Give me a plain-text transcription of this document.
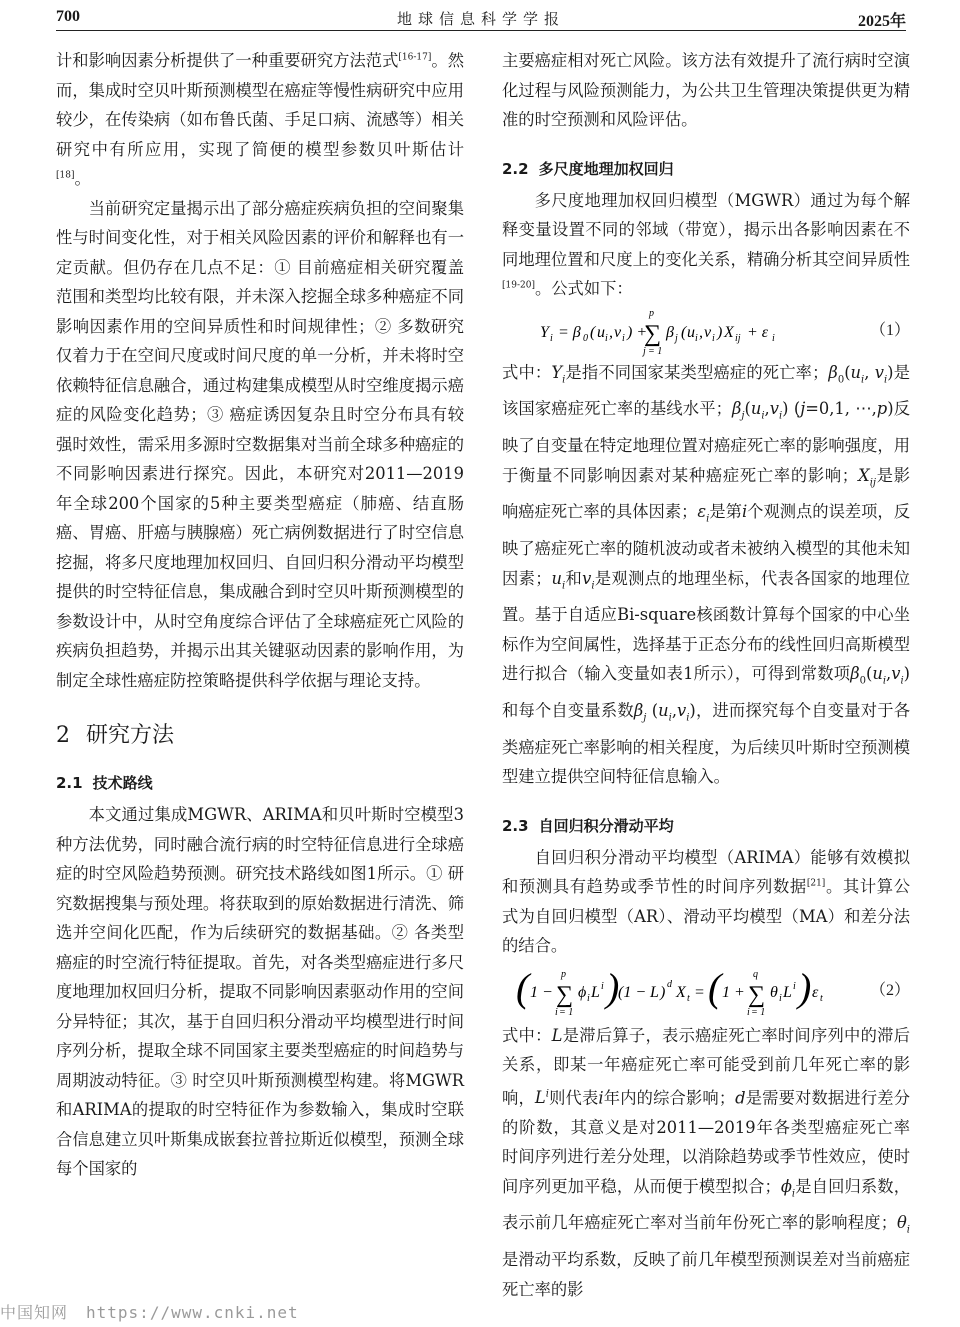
700	地球信息科学学报	2025年

计和影响因素分析提供了一种重要研究方法范式[16-17]。然而，集成时空贝叶斯预测模型在癌症等慢性病研究中应用较少，在传染病（如布鲁氏菌、手足口病、流感等）相关研究中有所应用，实现了简便的模型参数贝叶斯估计[18]。

当前研究定量揭示出了部分癌症疾病负担的空间聚集性与时间变化性，对于相关风险因素的评价和解释也有一定贡献。但仍存在几点不足：① 目前癌症相关研究覆盖范围和类型均比较有限，并未深入挖掘全球多种癌症不同影响因素作用的空间异质性和时间规律性；② 多数研究仅着力于在空间尺度或时间尺度的单一分析，并未将时空依赖特征信息融合，通过构建集成模型从时空维度揭示癌症的风险变化趋势；③ 癌症诱因复杂且时空分布具有较强时效性，需采用多源时空数据集对当前全球多种癌症的不同影响因素进行探究。因此，本研究对2011—2019年全球200个国家的5种主要类型癌症（肺癌、结直肠癌、胃癌、肝癌与胰腺癌）死亡病例数据进行了时空信息挖掘，将多尺度地理加权回归、自回归积分滑动平均模型提供的时空特征信息，集成融合到时空贝叶斯预测模型的参数设计中，从时空角度综合评估了全球癌症死亡风险的疾病负担趋势，并揭示出其关键驱动因素的影响作用，为制定全球性癌症防控策略提供科学依据与理论支持。

2 研究方法
2.1 技术路线

本文通过集成MGWR、ARIMA和贝叶斯时空模型3种方法优势，同时融合流行病的时空特征信息进行全球癌症的时空风险趋势预测。研究技术路线如图1所示。① 研究数据搜集与预处理。将获取到的原始数据进行清洗、筛选并空间化匹配，作为后续研究的数据基础。② 各类型癌症的时空流行特征提取。首先，对各类型癌症进行多尺度地理加权回归分析，提取不同影响因素驱动作用的空间分异特征；其次，基于自回归积分滑动平均模型进行时间序列分析，提取全球不同国家主要类型癌症的时间趋势与周期波动特征。③ 时空贝叶斯预测模型构建。将MGWR和ARIMA的提取的时空特征作为参数输入，集成时空联合信息建立贝叶斯集成嵌套拉普拉斯近似模型，预测全球每个国家的

主要癌症相对死亡风险。该方法有效提升了流行病时空演化过程与风险预测能力，为公共卫生管理决策提供更为精准的时空预测和风险评估。

2.2 多尺度地理加权回归

多尺度地理加权回归模型（MGWR）通过为每个解释变量设置不同的邻域（带宽），揭示出各影响因素在不同地理位置和尺度上的变化关系，精确分析其空间异质性[19-20]。公式如下：

Y i = β 0 ( u i , v i ) +
p
∑
j = 1
β j ( u i , v i ) X ij + ε i	（1）

式中：$Y_i$是指不同国家某类型癌症的死亡率；$\beta_0(u_i$, $v_i$)是该国家癌症死亡率的基线水平；$\beta_j(u_i,v_i)$ (j=0,1, ⋯,p)反映了自变量在特定地理位置对癌症死亡率的影响强度，用于衡量不同影响因素对某种癌症死亡率的影响；$X_{ij}$是影响癌症死亡率的具体因素；$\varepsilon_i$是第i个观测点的误差项，反映了癌症死亡率的随机波动或者未被纳入模型的其他未知因素；$u_i$和$v_i$是观测点的地理坐标，代表各国家的地理位置。基于自适应Bi-square核函数计算每个国家的中心坐标作为空间属性，选择基于正态分布的线性回归高斯模型进行拟合（输入变量如表1所示），可得到常数项$\beta_0(u_i,v_i)$和每个自变量系数$\beta_j$ $(u_i,v_i)$，进而探究每个自变量对于各类癌症死亡率影响的相关程度，为后续贝叶斯时空预测模型建立提供空间特征信息输入。

2.3 自回归积分滑动平均

自回归积分滑动平均模型（ARIMA）能够有效模拟和预测具有趋势或季节性的时间序列数据[21]。其计算公式为自回归模型（AR）、滑动平均模型（MA）和差分法的结合。

( 1 −
p
∑
i = 1
ϕ i L i )
(1 − L ) d X t = ( 1 +
q
∑
i = 1
θ i L i ) ε t	（2）

式中：L是滞后算子，表示癌症死亡率时间序列中的滞后关系，即某一年癌症死亡率可能受到前几年死亡率的影响，$L^i$则代表i年内的综合影响；d是需要对数据进行差分的阶数，其意义是对2011—2019年各类型癌症死亡率时间序列进行差分处理，以消除趋势或季节性效应，使时间序列更加平稳，从而便于模型拟合；$\phi_i$是自回归系数，表示前几年癌症死亡率对当前年份死亡率的影响程度；$\theta_i$是滑动平均系数，反映了前几年模型预测误差对当前癌症死亡率的影

中国知网 https://www.cnki.net
